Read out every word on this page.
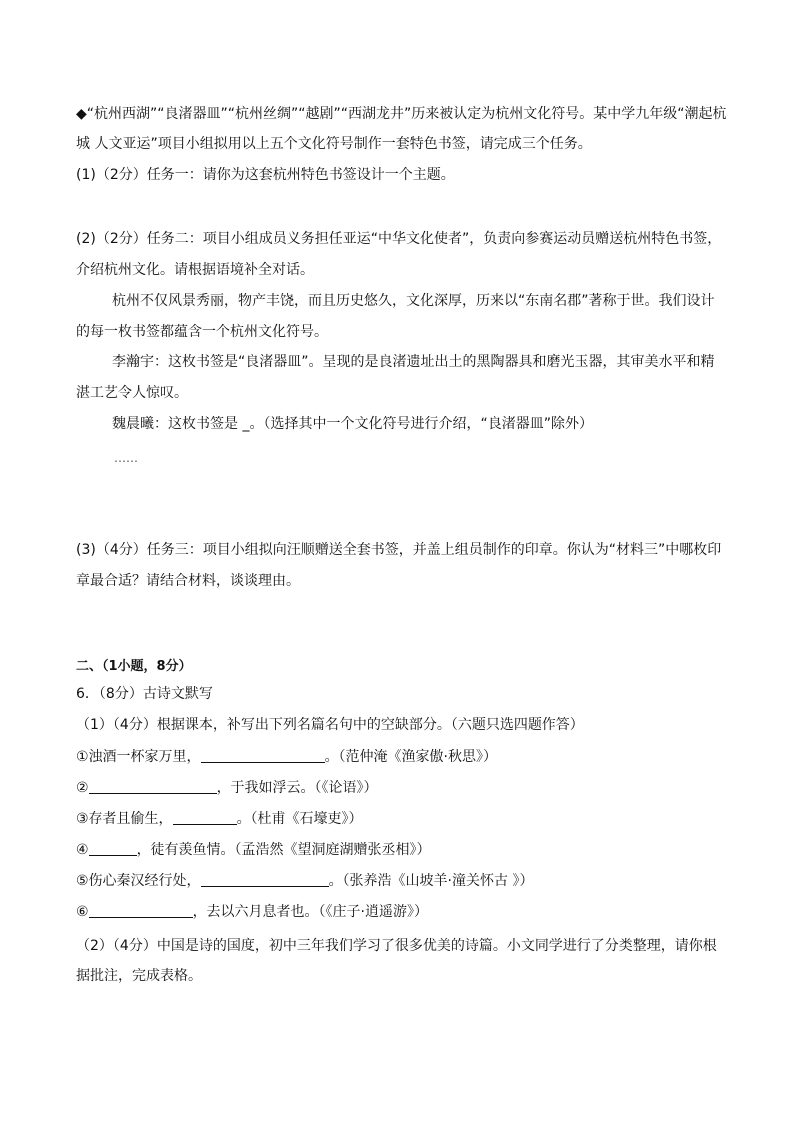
◆“杭州西湖”“良渚器皿”“杭州丝绸”“越剧”“西湖龙井”历来被认定为杭州文化符号。某中学九年级“潮起杭
城 人文亚运”项目小组拟用以上五个文化符号制作一套特色书签，请完成三个任务。
(1)（2分）任务一：请你为这套杭州特色书签设计一个主题。
(2)（2分）任务二：项目小组成员义务担任亚运“中华文化使者”，负责向参赛运动员赠送杭州特色书签，
介绍杭州文化。请根据语境补全对话。
杭州不仅风景秀丽，物产丰饶，而且历史悠久，文化深厚，历来以“东南名郡”著称于世。我们设计
的每一枚书签都蕴含一个杭州文化符号。
李瀚宇：这枚书签是“良渚器皿”。呈现的是良渚遗址出土的黑陶器具和磨光玉器，其审美水平和精
湛工艺令人惊叹。
魏晨曦：这枚书签是 _。（选择其中一个文化符号进行介绍，“良渚器皿”除外）
……
(3)（4分）任务三：项目小组拟向汪顺赠送全套书签，并盖上组员制作的印章。你认为“材料三”中哪枚印
章最合适？请结合材料，谈谈理由。
二、（1小题，8分）
6．（8分）古诗文默写
（1）（4分）根据课本，补写出下列名篇名句中的空缺部分。（六题只选四题作答）
①浊酒一杯家万里，	。（范仲淹《渔家傲·秋思》）
②	，于我如浮云。（《论语》）
③存者且偷生，	。（杜甫《石壕吏》）
④	，徒有羡鱼情。（孟浩然《望洞庭湖赠张丞相》）
⑤伤心秦汉经行处，	。（张养浩《山坡羊·潼关怀古 》）
⑥	，去以六月息者也。（《庄子·逍遥游》）
（2）（4分）中国是诗的国度，初中三年我们学习了很多优美的诗篇。小文同学进行了分类整理，请你根
据批注，完成表格。
